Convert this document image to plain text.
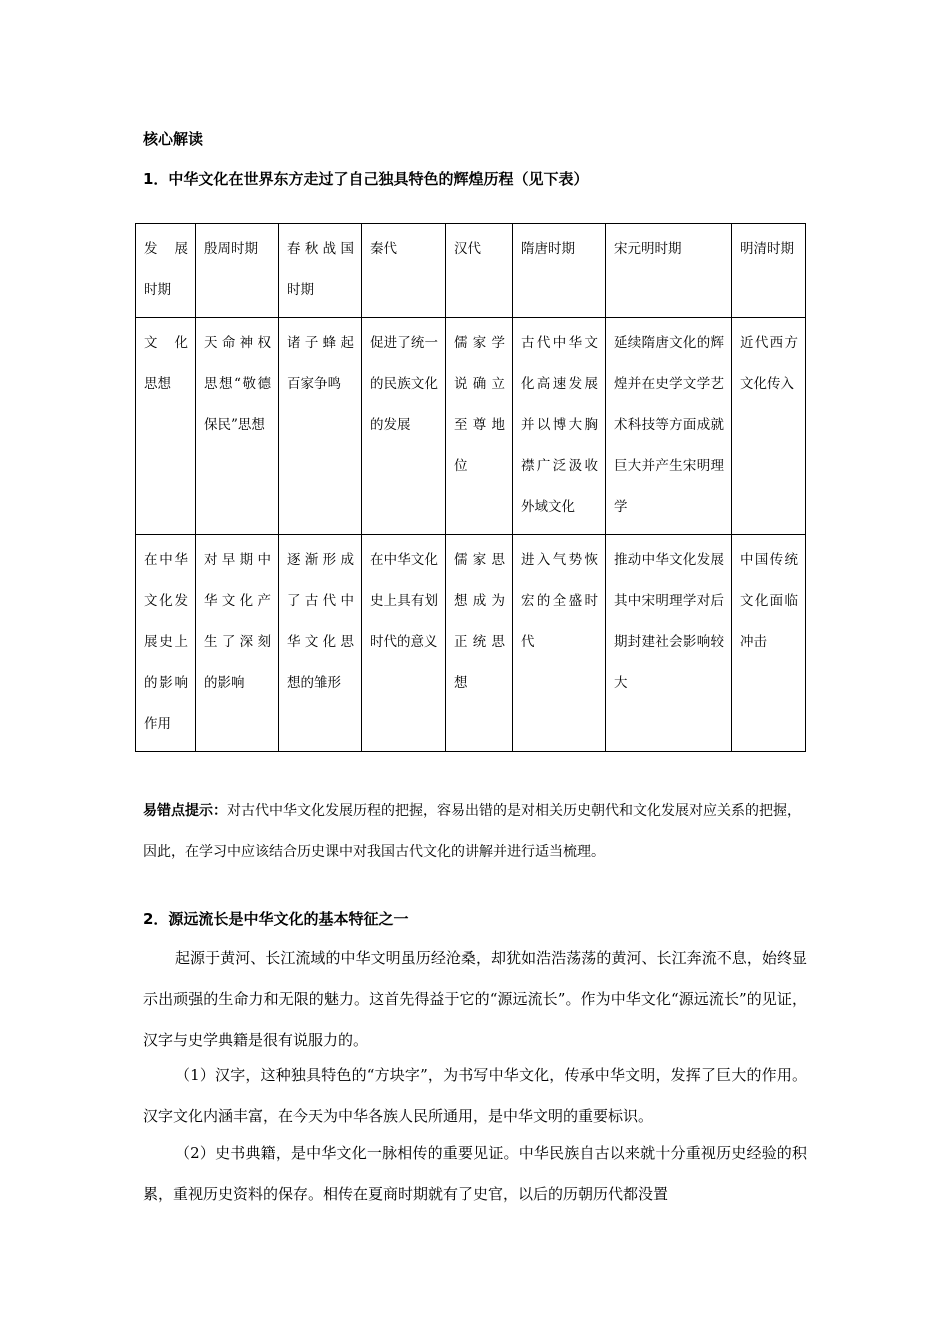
核心解读
1．中华文化在世界东方走过了自己独具特色的辉煌历程（见下表）
发　展时期	殷周时期	春秋战国时期	秦代	汉代	隋唐时期	宋元明时期	明清时期
文　化思想	天命神权思想“敬德保民”思想	诸子蜂起百家争鸣	促进了统一的民族文化的发展	儒家学说确立至尊地位	古代中华文化高速发展并以博大胸襟广泛汲收外域文化	延续隋唐文化的辉煌并在史学文学艺术科技等方面成就巨大并产生宋明理学	近代西方文化传入
在中华文化发展史上的影响作用	对早期中华文化产生了深刻的影响	逐渐形成了古代中华文化思想的雏形	在中华文化史上具有划时代的意义	儒家思想成为正统思想	进入气势恢宏的全盛时代	推动中华文化发展其中宋明理学对后期封建社会影响较大	中国传统文化面临冲击
易错点提示：对古代中华文化发展历程的把握，容易出错的是对相关历史朝代和文化发展对应关系的把握，因此，在学习中应该结合历史课中对我国古代文化的讲解并进行适当梳理。
2．源远流长是中华文化的基本特征之一
起源于黄河、长江流域的中华文明虽历经沧桑，却犹如浩浩荡荡的黄河、长江奔流不息，始终显示出顽强的生命力和无限的魅力。这首先得益于它的“源远流长”。作为中华文化“源远流长”的见证，汉字与史学典籍是很有说服力的。
（1）汉字，这种独具特色的“方块字”，为书写中华文化，传承中华文明，发挥了巨大的作用。汉字文化内涵丰富，在今天为中华各族人民所通用，是中华文明的重要标识。
（2）史书典籍，是中华文化一脉相传的重要见证。中华民族自古以来就十分重视历史经验的积累，重视历史资料的保存。相传在夏商时期就有了史官，以后的历朝历代都没置
